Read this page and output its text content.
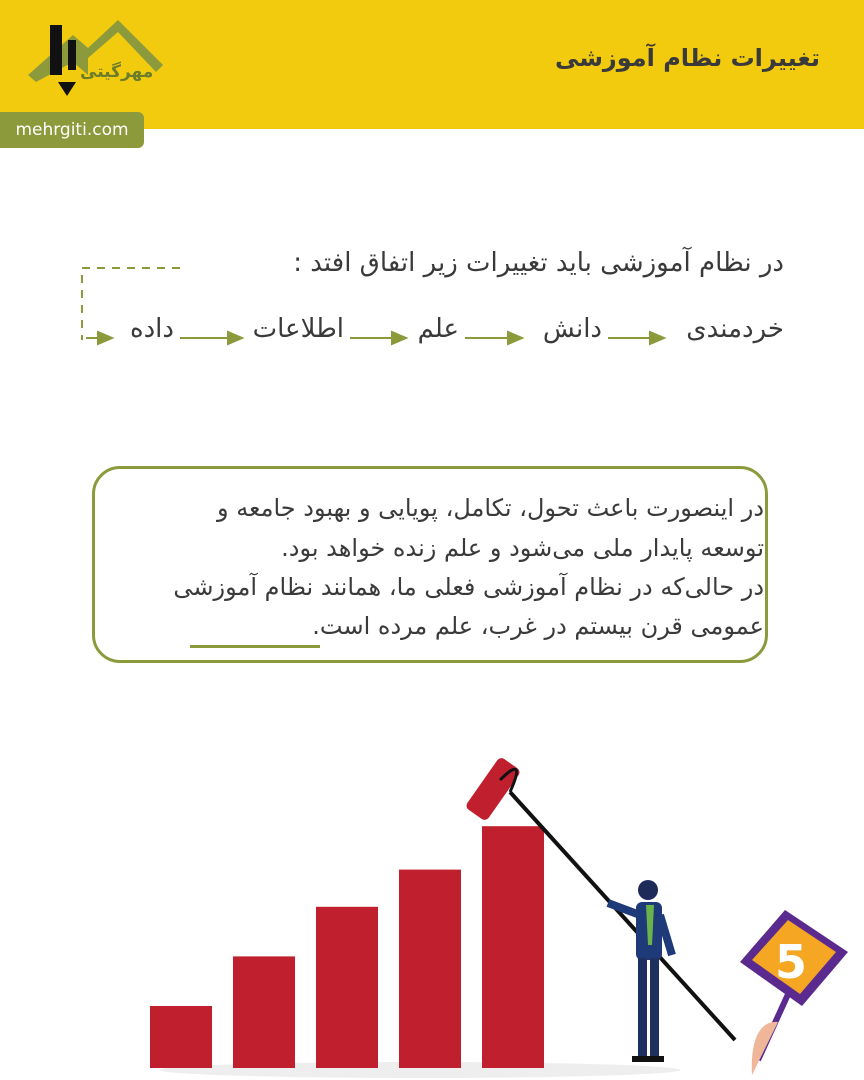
مهرگیتی	تغییرات نظام آموزشی
mehrgiti.com
در نظام آموزشی باید تغییرات زیر اتفاق افتد :
خردمندی
دانش
علم
اطلاعات
داده
در اینصورت باعث تحول، تکامل، پویایی و بهبود جامعه و
توسعه پایدار ملی می‌شود و علم زنده خواهد بود.
در حالی‌که در نظام آموزشی فعلی ما، همانند نظام آموزشی
عمومی قرن بیستم در غرب، علم مرده است.
5
